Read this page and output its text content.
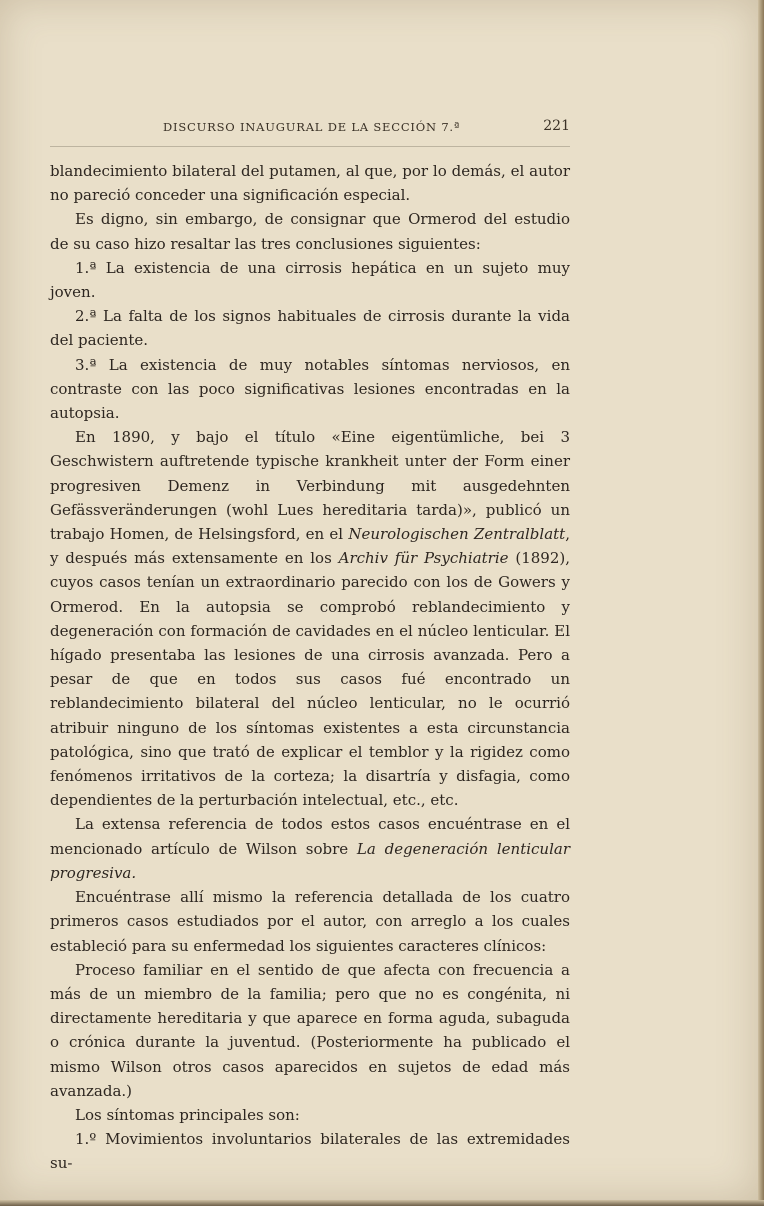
DISCURSO INAUGURAL DE LA SECCIÓN 7.ª	221

blandecimiento bilateral del putamen, al que, por lo demás, el autor no pareció conceder una significación especial.

Es digno, sin embargo, de consignar que Ormerod del estudio de su caso hizo resaltar las tres conclusiones siguientes:

1.ª La existencia de una cirrosis hepática en un sujeto muy joven.

2.ª La falta de los signos habituales de cirrosis durante la vida del paciente.

3.ª La existencia de muy notables síntomas nerviosos, en contraste con las poco significativas lesiones encontradas en la autopsia.

En 1890, y bajo el título «Eine eigentümliche, bei 3 Geschwistern auftretende typische krankheit unter der Form einer progresiven Demenz in Verbindung mit ausgedehnten Gefässveränderungen (wohl Lues hereditaria tarda)», publicó un trabajo Homen, de Helsingsford, en el Neurologischen Zentralblatt, y después más extensamente en los Archiv für Psychiatrie (1892), cuyos casos tenían un extraordinario parecido con los de Gowers y Ormerod. En la autopsia se comprobó reblandecimiento y degeneración con formación de cavidades en el núcleo lenticular. El hígado presentaba las lesiones de una cirrosis avanzada. Pero a pesar de que en todos sus casos fué encontrado un reblandecimiento bilateral del núcleo lenticular, no le ocurrió atribuir ninguno de los síntomas existentes a esta circunstancia patológica, sino que trató de explicar el temblor y la rigidez como fenómenos irritativos de la corteza; la disartría y disfagia, como dependientes de la perturbación intelectual, etc., etc.

La extensa referencia de todos estos casos encuéntrase en el mencionado artículo de Wilson sobre La degeneración lenticular progresiva.

Encuéntrase allí mismo la referencia detallada de los cuatro primeros casos estudiados por el autor, con arreglo a los cuales estableció para su enfermedad los siguientes caracteres clínicos:

Proceso familiar en el sentido de que afecta con frecuencia a más de un miembro de la familia; pero que no es congénita, ni directamente hereditaria y que aparece en forma aguda, subaguda o crónica durante la juventud. (Posteriormente ha publicado el mismo Wilson otros casos aparecidos en sujetos de edad más avanzada.)

Los síntomas principales son:

1.º Movimientos involuntarios bilaterales de las extremidades su-
